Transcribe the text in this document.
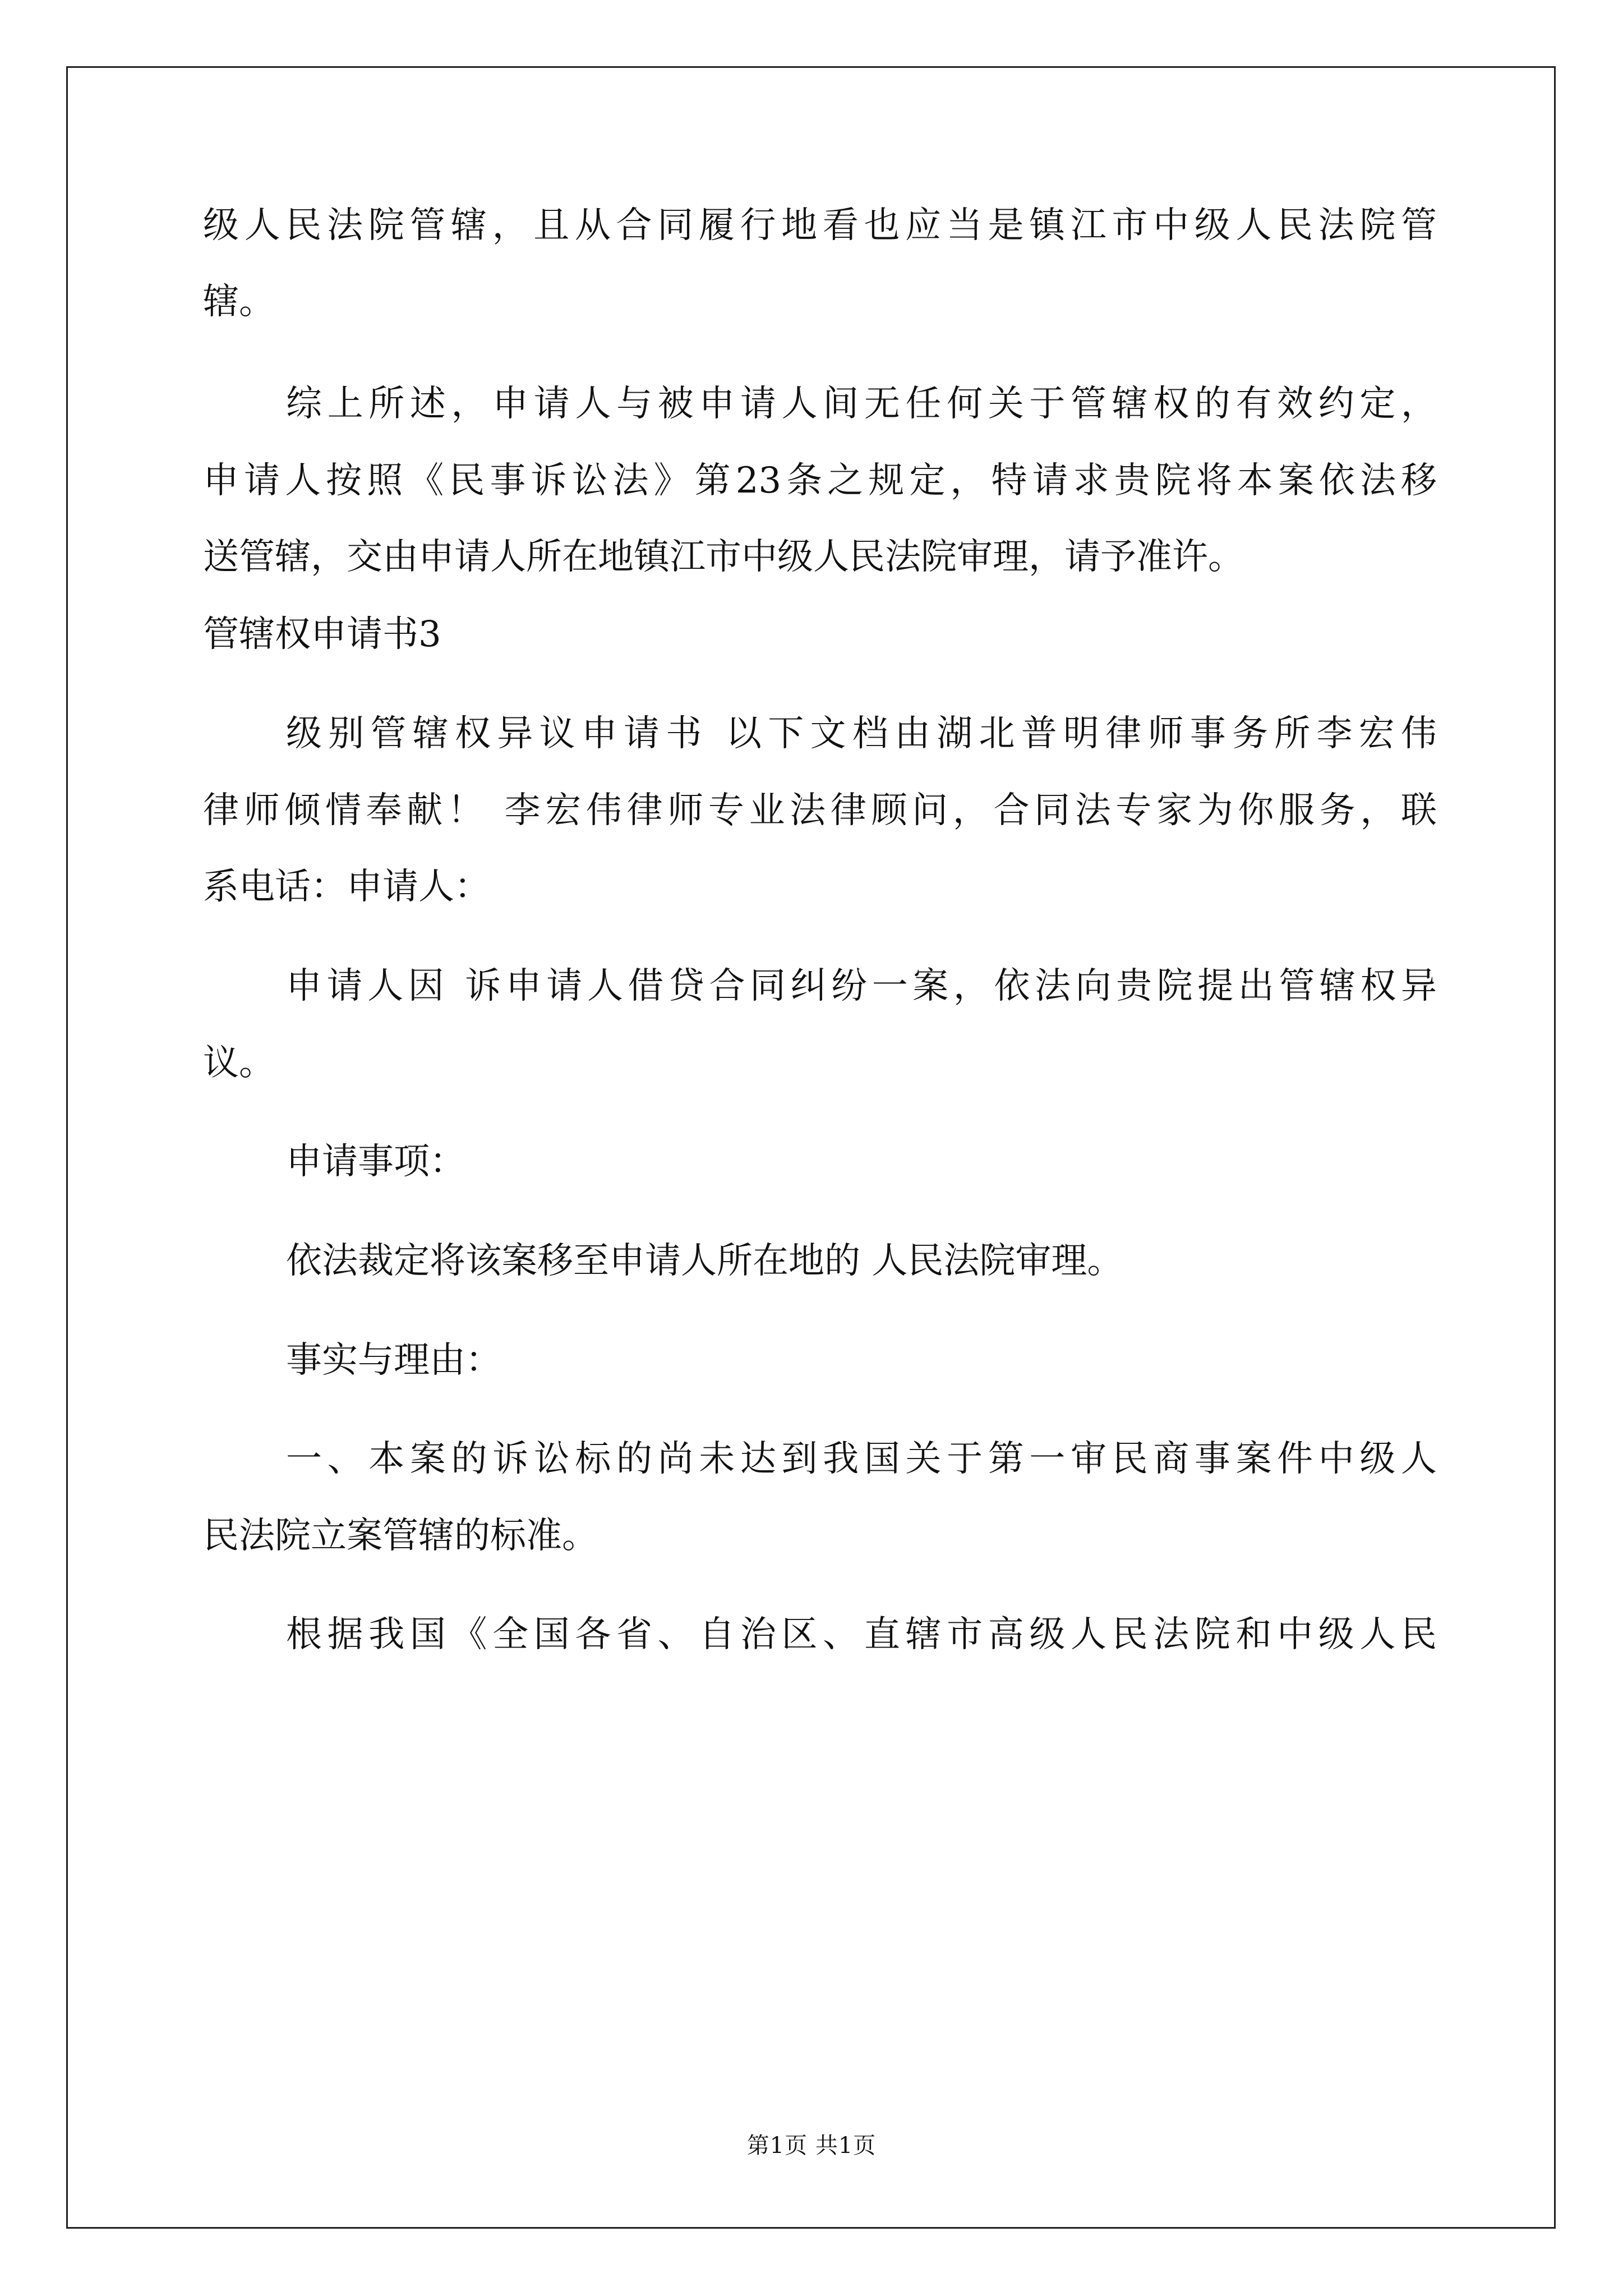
级人民法院管辖，且从合同履行地看也应当是镇江市中级人民法院管
辖。
综上所述，申请人与被申请人间无任何关于管辖权的有效约定，
申请人按照《民事诉讼法》第23条之规定，特请求贵院将本案依法移
送管辖，交由申请人所在地镇江市中级人民法院审理，请予准许。
管辖权申请书3
级别管辖权异议申请书 以下文档由湖北普明律师事务所李宏伟
律师倾情奉献！ 李宏伟律师专业法律顾问，合同法专家为你服务，联
系电话：申请人：
申请人因 诉申请人借贷合同纠纷一案，依法向贵院提出管辖权异
议。
申请事项：
依法裁定将该案移至申请人所在地的 人民法院审理。
事实与理由：
一、本案的诉讼标的尚未达到我国关于第一审民商事案件中级人
民法院立案管辖的标准。
根据我国《全国各省、自治区、直辖市高级人民法院和中级人民
第1页 共1页
